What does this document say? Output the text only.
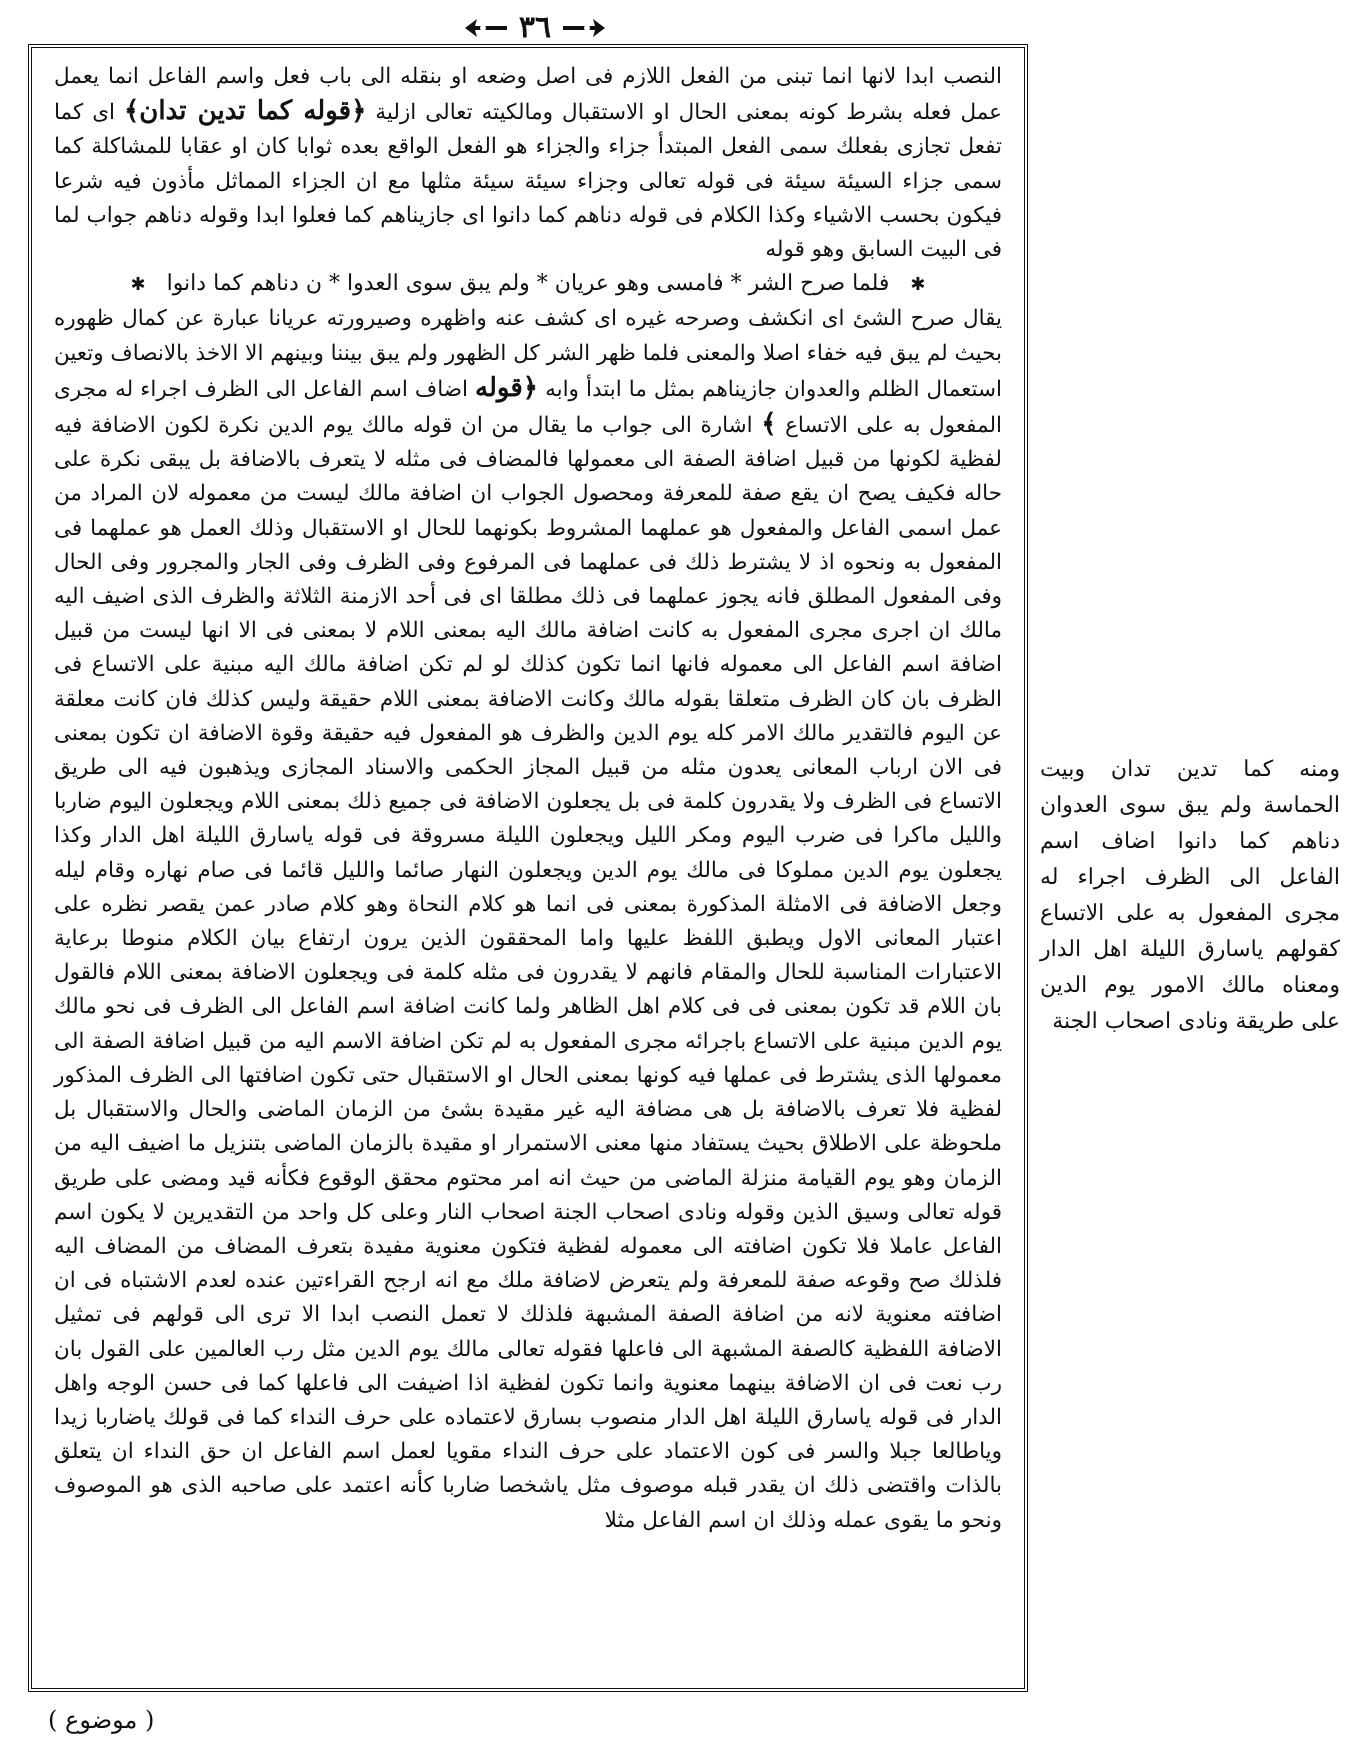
٣٦

النصب ابدا لانها انما تبنى من الفعل اللازم فى اصل وضعه او بنقله الى باب فعل واسم الفاعل انما يعمل عمل فعله بشرط كونه بمعنى الحال او الاستقبال ومالكيته تعالى ازلية ﴿قوله كما تدين تدان﴾ اى كما تفعل تجازى بفعلك سمى الفعل المبتدأ جزاء والجزاء هو الفعل الواقع بعده ثوابا كان او عقابا للمشاكلة كما سمى جزاء السيئة سيئة فى قوله تعالى وجزاء سيئة سيئة مثلها مع ان الجزاء المماثل مأذون فيه شرعا فيكون بحسب الاشياء وكذا الكلام فى قوله دناهم كما دانوا اى جازيناهم كما فعلوا ابدا وقوله دناهم جواب لما فى البيت السابق وهو قوله

✱ فلما صرح الشر * فامسى وهو عريان * ولم يبق سوى العدوا * ن دناهم كما دانوا ✱

يقال صرح الشئ اى انكشف وصرحه غيره اى كشف عنه واظهره وصيرورته عريانا عبارة عن كمال ظهوره بحيث لم يبق فيه خفاء اصلا والمعنى فلما ظهر الشر كل الظهور ولم يبق بيننا وبينهم الا الاخذ بالانصاف وتعين استعمال الظلم والعدوان جازيناهم بمثل ما ابتدأ وابه ﴿قوله اضاف اسم الفاعل الى الظرف اجراء له مجرى المفعول به على الاتساع ﴾ اشارة الى جواب ما يقال من ان قوله مالك يوم الدين نكرة لكون الاضافة فيه لفظية لكونها من قبيل اضافة الصفة الى معمولها فالمضاف فى مثله لا يتعرف بالاضافة بل يبقى نكرة على حاله فكيف يصح ان يقع صفة للمعرفة ومحصول الجواب ان اضافة مالك ليست من معموله لان المراد من عمل اسمى الفاعل والمفعول هو عملهما المشروط بكونهما للحال او الاستقبال وذلك العمل هو عملهما فى المفعول به ونحوه اذ لا يشترط ذلك فى عملهما فى المرفوع وفى الظرف وفى الجار والمجرور وفى الحال وفى المفعول المطلق فانه يجوز عملهما فى ذلك مطلقا اى فى أحد الازمنة الثلاثة والظرف الذى اضيف اليه مالك ان اجرى مجرى المفعول به كانت اضافة مالك اليه بمعنى اللام لا بمعنى فى الا انها ليست من قبيل اضافة اسم الفاعل الى معموله فانها انما تكون كذلك لو لم تكن اضافة مالك اليه مبنية على الاتساع فى الظرف بان كان الظرف متعلقا بقوله مالك وكانت الاضافة بمعنى اللام حقيقة وليس كذلك فان كانت معلقة عن اليوم فالتقدير مالك الامر كله يوم الدين والظرف هو المفعول فيه حقيقة وقوة الاضافة ان تكون بمعنى فى الان ارباب المعانى يعدون مثله من قبيل المجاز الحكمى والاسناد المجازى ويذهبون فيه الى طريق الاتساع فى الظرف ولا يقدرون كلمة فى بل يجعلون الاضافة فى جميع ذلك بمعنى اللام ويجعلون اليوم ضاربا والليل ماكرا فى ضرب اليوم ومكر الليل ويجعلون الليلة مسروقة فى قوله ياسارق الليلة اهل الدار وكذا يجعلون يوم الدين مملوكا فى مالك يوم الدين ويجعلون النهار صائما والليل قائما فى صام نهاره وقام ليله وجعل الاضافة فى الامثلة المذكورة بمعنى فى انما هو كلام النحاة وهو كلام صادر عمن يقصر نظره على اعتبار المعانى الاول ويطبق اللفظ عليها واما المحققون الذين يرون ارتفاع بيان الكلام منوطا برعاية الاعتبارات المناسبة للحال والمقام فانهم لا يقدرون فى مثله كلمة فى ويجعلون الاضافة بمعنى اللام فالقول بان اللام قد تكون بمعنى فى فى كلام اهل الظاهر ولما كانت اضافة اسم الفاعل الى الظرف فى نحو مالك يوم الدين مبنية على الاتساع باجرائه مجرى المفعول به لم تكن اضافة الاسم اليه من قبيل اضافة الصفة الى معمولها الذى يشترط فى عملها فيه كونها بمعنى الحال او الاستقبال حتى تكون اضافتها الى الظرف المذكور لفظية فلا تعرف بالاضافة بل هى مضافة اليه غير مقيدة بشئ من الزمان الماضى والحال والاستقبال بل ملحوظة على الاطلاق بحيث يستفاد منها معنى الاستمرار او مقيدة بالزمان الماضى بتنزيل ما اضيف اليه من الزمان وهو يوم القيامة منزلة الماضى من حيث انه امر محتوم محقق الوقوع فكأنه قيد ومضى على طريق قوله تعالى وسيق الذين وقوله ونادى اصحاب الجنة اصحاب النار وعلى كل واحد من التقديرين لا يكون اسم الفاعل عاملا فلا تكون اضافته الى معموله لفظية فتكون معنوية مفيدة بتعرف المضاف من المضاف اليه فلذلك صح وقوعه صفة للمعرفة ولم يتعرض لاضافة ملك مع انه ارجح القراءتين عنده لعدم الاشتباه فى ان اضافته معنوية لانه من اضافة الصفة المشبهة فلذلك لا تعمل النصب ابدا الا ترى الى قولهم فى تمثيل الاضافة اللفظية كالصفة المشبهة الى فاعلها فقوله تعالى مالك يوم الدين مثل رب العالمين على القول بان رب نعت فى ان الاضافة بينهما معنوية وانما تكون لفظية اذا اضيفت الى فاعلها كما فى حسن الوجه واهل الدار فى قوله ياسارق الليلة اهل الدار منصوب بسارق لاعتماده على حرف النداء كما فى قولك ياضاربا زيدا وياطالعا جبلا والسر فى كون الاعتماد على حرف النداء مقويا لعمل اسم الفاعل ان حق النداء ان يتعلق بالذات واقتضى ذلك ان يقدر قبله موصوف مثل ياشخصا ضاربا كأنه اعتمد على صاحبه الذى هو الموصوف ونحو ما يقوى عمله وذلك ان اسم الفاعل مثلا

ومنه كما تدين تدان وبيت الحماسة ولم يبق سوى العدوان دناهم كما دانوا اضاف اسم الفاعل الى الظرف اجراء له مجرى المفعول به على الاتساع كقولهم ياسارق الليلة اهل الدار ومعناه مالك الامور يوم الدين على طريقة ونادى اصحاب الجنة

( موضوع )
